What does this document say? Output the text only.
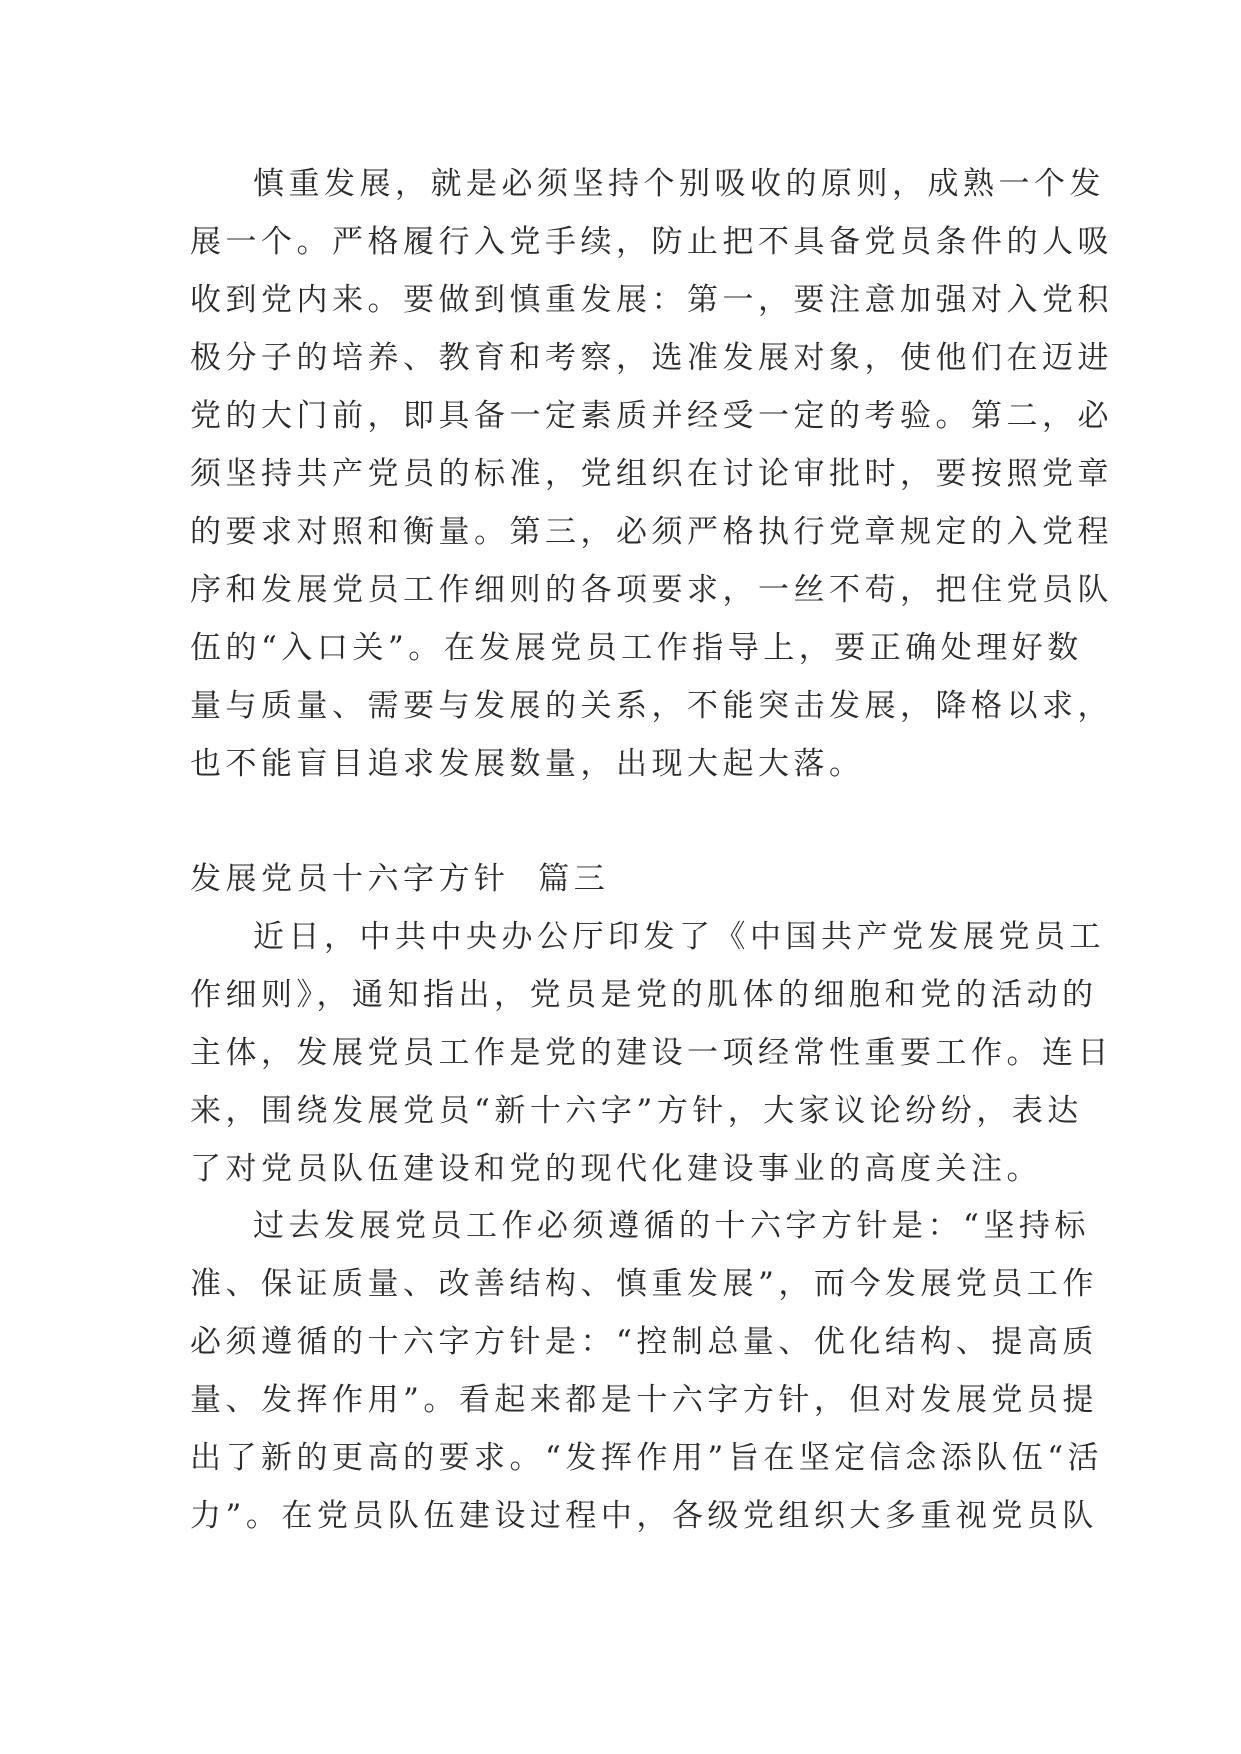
慎重发展，就是必须坚持个别吸收的原则，成熟一个发
展一个。严格履行入党手续，防止把不具备党员条件的人吸
收到党内来。要做到慎重发展：第一，要注意加强对入党积
极分子的培养、教育和考察，选准发展对象，使他们在迈进
党的大门前，即具备一定素质并经受一定的考验。第二，必
须坚持共产党员的标准，党组织在讨论审批时，要按照党章
的要求对照和衡量。第三，必须严格执行党章规定的入党程
序和发展党员工作细则的各项要求，一丝不苟，把住党员队
伍的“入口关”。在发展党员工作指导上，要正确处理好数
量与质量、需要与发展的关系，不能突击发展，降格以求，
也不能盲目追求发展数量，出现大起大落。
发展党员十六字方针  篇三
近日，中共中央办公厅印发了《中国共产党发展党员工
作细则》，通知指出，党员是党的肌体的细胞和党的活动的
主体，发展党员工作是党的建设一项经常性重要工作。连日
来，围绕发展党员“新十六字”方针，大家议论纷纷，表达
了对党员队伍建设和党的现代化建设事业的高度关注。
过去发展党员工作必须遵循的十六字方针是：“坚持标
准、保证质量、改善结构、慎重发展”，而今发展党员工作
必须遵循的十六字方针是：“控制总量、优化结构、提高质
量、发挥作用”。看起来都是十六字方针，但对发展党员提
出了新的更高的要求。“发挥作用”旨在坚定信念添队伍“活
力”。在党员队伍建设过程中，各级党组织大多重视党员队
